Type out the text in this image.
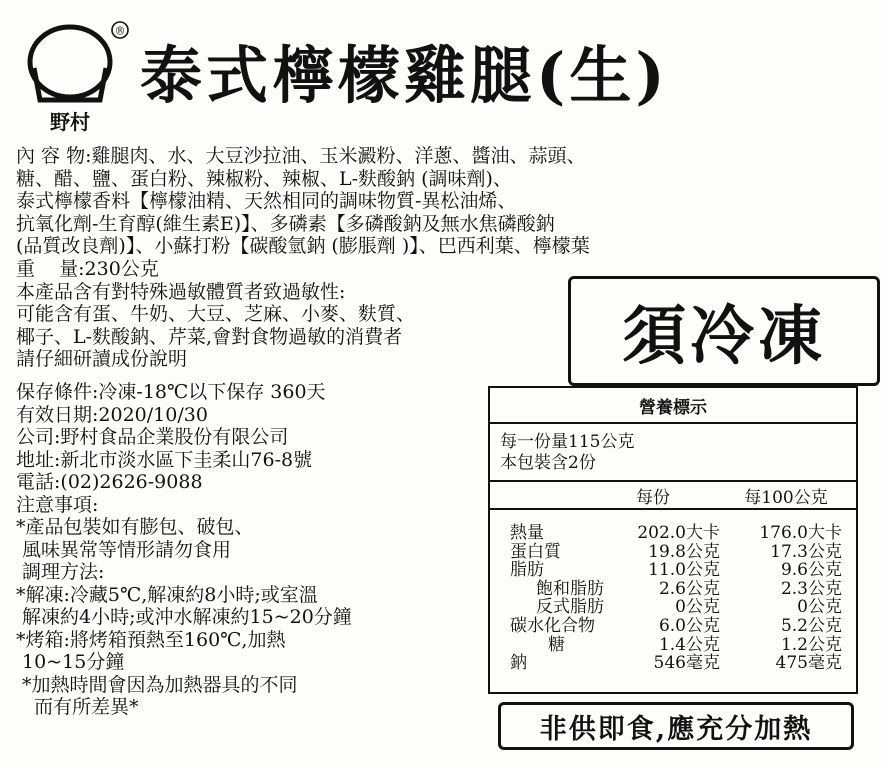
®
野村
泰式檸檬雞腿(生)
內 容 物:雞腿肉、水、大豆沙拉油、玉米澱粉、洋蔥、醬油、蒜頭、
糖、醋、鹽、蛋白粉、辣椒粉、辣椒、L-麩酸鈉 (調味劑)、
泰式檸檬香料【檸檬油精、天然相同的調味物質-異松油烯、
抗氧化劑-生育醇(維生素E)】、多磷素【多磷酸鈉及無水焦磷酸鈉
(品質改良劑)】、小蘇打粉【碳酸氫鈉 (膨脹劑 )】、巴西利葉、檸檬葉
重    量:230公克
本產品含有對特殊過敏體質者致過敏性:
可能含有蛋、牛奶、大豆、芝麻、小麥、麩質、
椰子、L-麩酸鈉、芹菜,會對食物過敏的消費者
請仔細研讀成份說明	須冷凍
保存條件:冷凍-18℃以下保存 360天
有效日期:2020/10/30
公司:野村食品企業股份有限公司
地址:新北市淡水區下圭柔山76-8號
電話:(02)2626-9088
注意事項:
*產品包裝如有膨包、破包、
風味異常等情形請勿食用
調理方法:
*解凍:冷藏5℃,解凍約8小時;或室溫
解凍約4小時;或沖水解凍約15~20分鐘
*烤箱:將烤箱預熱至160℃,加熱
10~15分鐘
*加熱時間會因為加熱器具的不同
而有所差異*
營養標示
每一份量115公克
本包裝含2份
每份	每100公克
熱量	202.0大卡	176.0大卡
蛋白質	19.8公克	17.3公克
脂肪	11.0公克	9.6公克
飽和脂肪	2.6公克	2.3公克
反式脂肪	0公克	0公克
碳水化合物	6.0公克	5.2公克
糖	1.4公克	1.2公克
鈉	546毫克	475毫克
非供即食,應充分加熱
